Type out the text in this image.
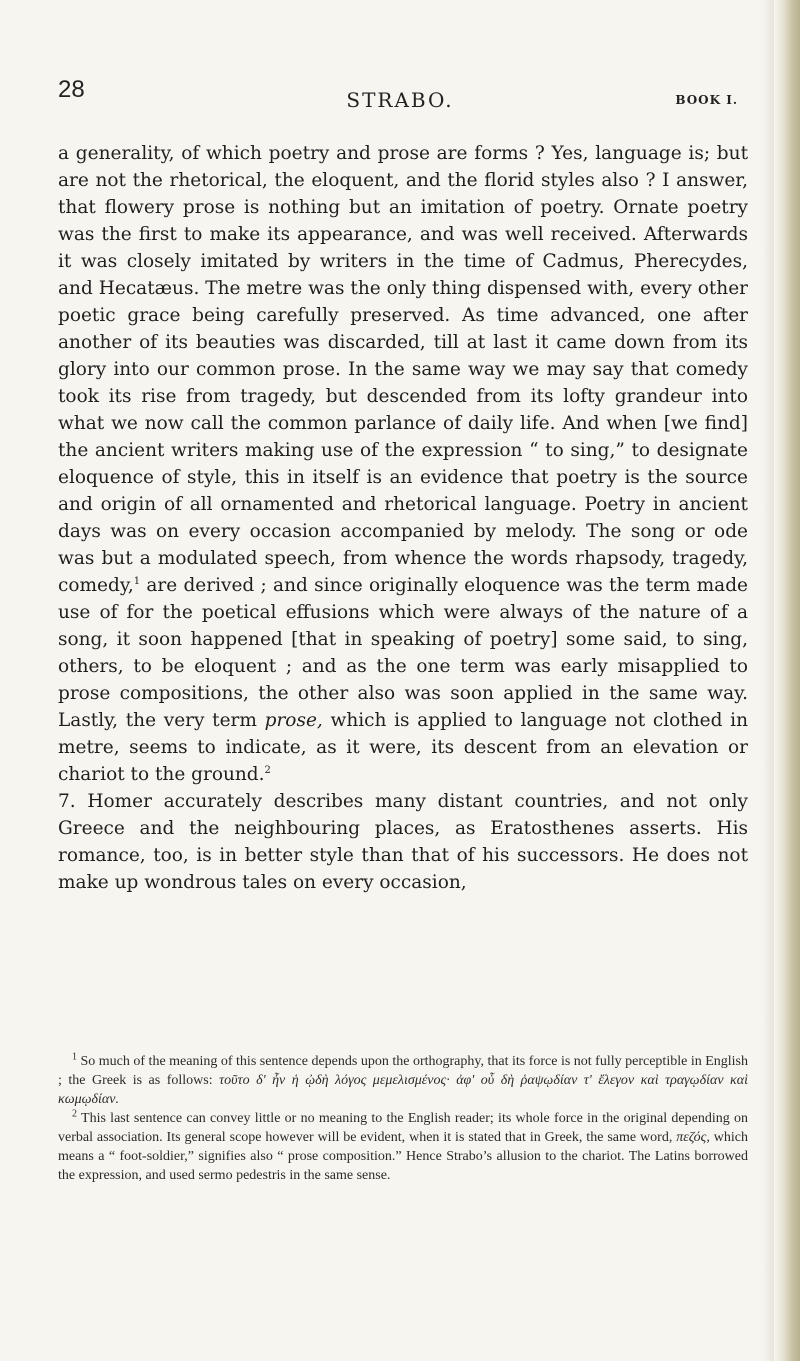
28	STRABO.	BOOK I.

a generality, of which poetry and prose are forms ? Yes, language is; but are not the rhetorical, the eloquent, and the florid styles also ? I answer, that flowery prose is nothing but an imitation of poetry. Ornate poetry was the first to make its appearance, and was well received. Afterwards it was closely imitated by writers in the time of Cadmus, Pherecydes, and Hecatæus. The metre was the only thing dispensed with, every other poetic grace being carefully preserved. As time advanced, one after another of its beauties was discarded, till at last it came down from its glory into our common prose. In the same way we may say that comedy took its rise from tragedy, but descended from its lofty grandeur into what we now call the common parlance of daily life. And when [we find] the ancient writers making use of the expression “ to sing,” to designate eloquence of style, this in itself is an evidence that poetry is the source and origin of all ornamented and rhetorical language. Poetry in ancient days was on every occasion accompanied by melody. The song or ode was but a modulated speech, from whence the words rhapsody, tragedy, comedy,$^1$ are derived ; and since originally eloquence was the term made use of for the poetical effusions which were always of the nature of a song, it soon happened [that in speaking of poetry] some said, to sing, others, to be eloquent ; and as the one term was early misapplied to prose compositions, the other also was soon applied in the same way. Lastly, the very term prose, which is applied to language not clothed in metre, seems to indicate, as it were, its descent from an elevation or chariot to the ground.$^2$

7. Homer accurately describes many distant countries, and not only Greece and the neighbouring places, as Eratosthenes asserts. His romance, too, is in better style than that of his successors. He does not make up wondrous tales on every occasion,

$^1$ So much of the meaning of this sentence depends upon the orthography, that its force is not fully perceptible in English ; the Greek is as follows: τοῦτο δ' ἦν ἡ ᾠδὴ λόγος μεμελισμένος· ἀφ' οὗ δὴ ῥαψῳδίαν τ' ἔλεγον καὶ τραγῳδίαν καὶ κωμῳδίαν.

$^2$ This last sentence can convey little or no meaning to the English reader; its whole force in the original depending on verbal association. Its general scope however will be evident, when it is stated that in Greek, the same word, πεζός, which means a “ foot-soldier,” signifies also “ prose composition.” Hence Strabo’s allusion to the chariot. The Latins borrowed the expression, and used sermo pedestris in the same sense.
